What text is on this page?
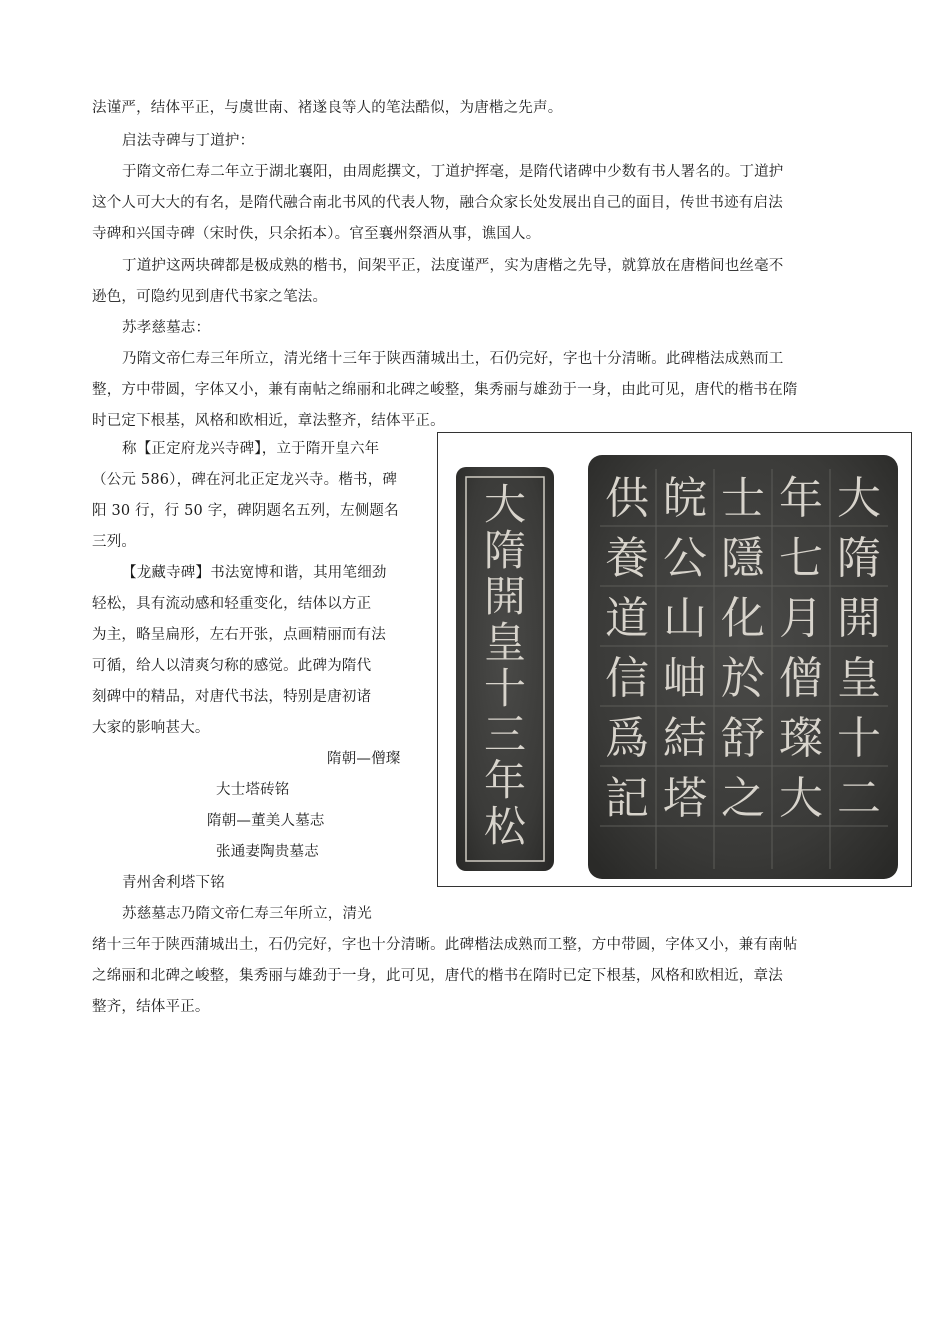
法谨严，结体平正，与虞世南、褚遂良等人的笔法酷似，为唐楷之先声。
启法寺碑与丁道护：
于隋文帝仁寿二年立于湖北襄阳，由周彪撰文，丁道护挥毫，是隋代诸碑中少数有书人署名的。丁道护
这个人可大大的有名，是隋代融合南北书风的代表人物，融合众家长处发展出自己的面目，传世书迹有启法
寺碑和兴国寺碑（宋时佚，只余拓本）。官至襄州祭酒从事，谯国人。
丁道护这两块碑都是极成熟的楷书，间架平正，法度谨严，实为唐楷之先导，就算放在唐楷间也丝毫不
逊色，可隐约见到唐代书家之笔法。
苏孝慈墓志：
乃隋文帝仁寿三年所立，清光绪十三年于陕西蒲城出土，石仍完好，字也十分清晰。此碑楷法成熟而工
整，方中带圆，字体又小，兼有南帖之绵丽和北碑之峻整，集秀丽与雄劲于一身，由此可见，唐代的楷书在隋
时已定下根基，风格和欧相近，章法整齐，结体平正。
称【正定府龙兴寺碑】，立于隋开皇六年
（公元 586），碑在河北正定龙兴寺。楷书，碑
阳 30 行，行 50 字，碑阴题名五列，左侧题名
三列。
【龙藏寺碑】书法宽博和谐，其用笔细劲
轻松，具有流动感和轻重变化，结体以方正
为主，略呈扁形，左右开张，点画精丽而有法
可循，给人以清爽匀称的感觉。此碑为隋代
刻碑中的精品，对唐代书法，特别是唐初诸
大家的影响甚大。
隋朝—僧璨
大士塔砖铭
隋朝—董美人墓志
张通妻陶贵墓志
青州舍利塔下铭
苏慈墓志乃隋文帝仁寿三年所立，清光
绪十三年于陕西蒲城出土，石仍完好，字也十分清晰。此碑楷法成熟而工整，方中带圆，字体又小，兼有南帖
之绵丽和北碑之峻整，集秀丽与雄劲于一身，此可见，唐代的楷书在隋时已定下根基，风格和欧相近，章法
整齐，结体平正。
大
隋
開
皇
十
三
年
松
大
隋
開
皇
十
二
年
七
月
僧
璨
大
士
隱
化
於
舒
之
皖
公
山
岫
結
塔
供
養
道
信
爲
記
